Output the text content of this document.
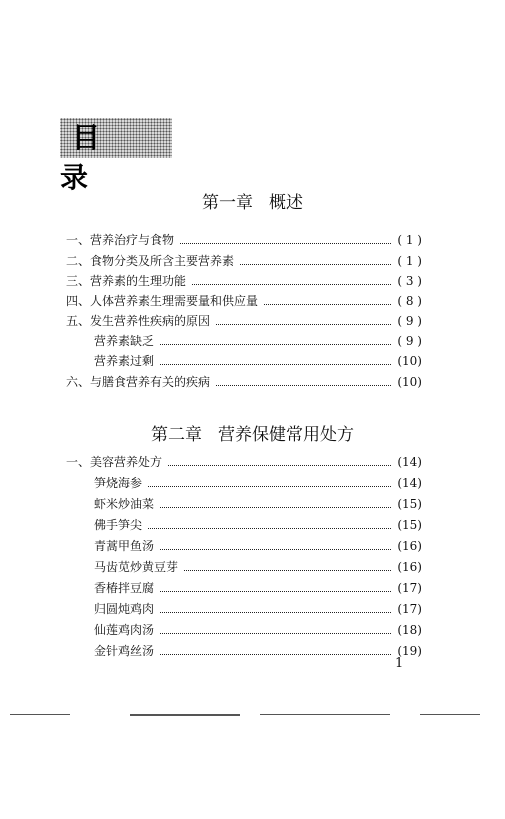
目 录
第一章 概述
一、营养治疗与食物	( 1 )
二、食物分类及所含主要营养素	( 1 )
三、营养素的生理功能	( 3 )
四、人体营养素生理需要量和供应量	( 8 )
五、发生营养性疾病的原因	( 9 )
营养素缺乏	( 9 )
营养素过剩	(10)
六、与膳食营养有关的疾病	(10)
第二章 营养保健常用处方
一、美容营养处方	(14)
笋烧海参	(14)
虾米炒油菜	(15)
佛手笋尖	(15)
青蒿甲鱼汤	(16)
马齿苋炒黄豆芽	(16)
香椿拌豆腐	(17)
归圆炖鸡肉	(17)
仙莲鸡肉汤	(18)
金针鸡丝汤	(19)
1
